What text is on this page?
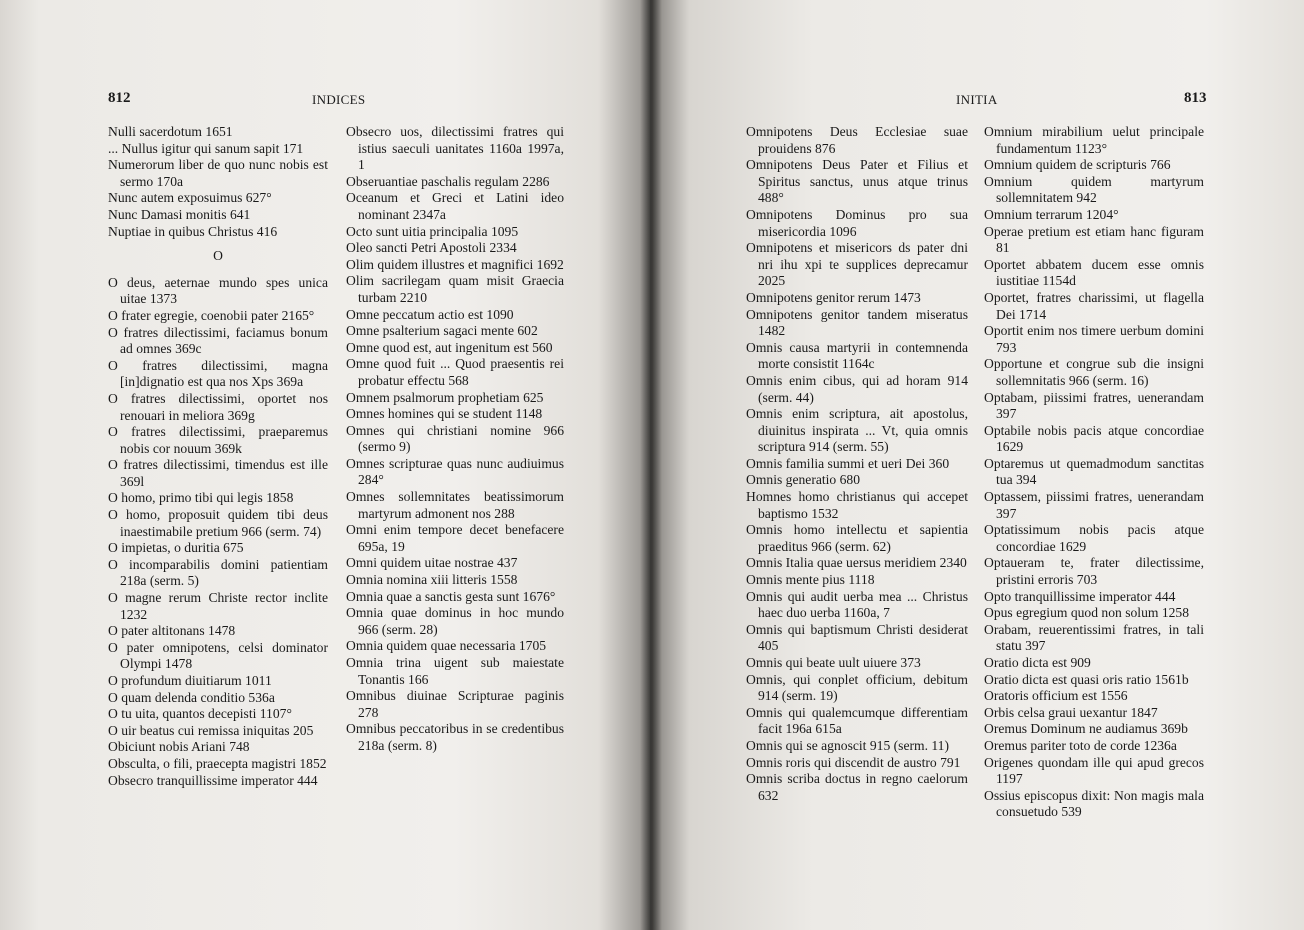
812	INDICES

Nulli sacerdotum 1651

... Nullus igitur qui sanum sapit 171

Numerorum liber de quo nunc nobis est sermo 170a

Nunc autem exposuimus 627°

Nunc Damasi monitis 641

Nuptiae in quibus Christus 416

O

O deus, aeternae mundo spes unica uitae 1373

O frater egregie, coenobii pater 2165°

O fratres dilectissimi, faciamus bonum ad omnes 369c

O fratres dilectissimi, magna [in]dignatio est qua nos Xps 369a

O fratres dilectissimi, oportet nos renouari in meliora 369g

O fratres dilectissimi, praeparemus nobis cor nouum 369k

O fratres dilectissimi, timendus est ille 369l

O homo, primo tibi qui legis 1858

O homo, proposuit quidem tibi deus inaestimabile pretium 966 (serm. 74)

O impietas, o duritia 675

O incomparabilis domini patientiam 218a (serm. 5)

O magne rerum Christe rector inclite 1232

O pater altitonans 1478

O pater omnipotens, celsi dominator Olympi 1478

O profundum diuitiarum 1011

O quam delenda conditio 536a

O tu uita, quantos decepisti 1107°

O uir beatus cui remissa iniquitas 205

Obiciunt nobis Ariani 748

Obsculta, o fili, praecepta magistri 1852

Obsecro tranquillissime imperator 444

Obsecro uos, dilectissimi fratres qui istius saeculi uanitates 1160a 1997a, 1

Obseruantiae paschalis regulam 2286

Oceanum et Greci et Latini ideo nominant 2347a

Octo sunt uitia principalia 1095

Oleo sancti Petri Apostoli 2334

Olim quidem illustres et magnifici 1692

Olim sacrilegam quam misit Graecia turbam 2210

Omne peccatum actio est 1090

Omne psalterium sagaci mente 602

Omne quod est, aut ingenitum est 560

Omne quod fuit ... Quod praesentis rei probatur effectu 568

Omnem psalmorum prophetiam 625

Omnes homines qui se student 1148

Omnes qui christiani nomine 966 (sermo 9)

Omnes scripturae quas nunc audiuimus 284°

Omnes sollemnitates beatissimorum martyrum admonent nos 288

Omni enim tempore decet benefacere 695a, 19

Omni quidem uitae nostrae 437

Omnia nomina xiii litteris 1558

Omnia quae a sanctis gesta sunt 1676°

Omnia quae dominus in hoc mundo 966 (serm. 28)

Omnia quidem quae necessaria 1705

Omnia trina uigent sub maiestate Tonantis 166

Omnibus diuinae Scripturae paginis 278

Omnibus peccatoribus in se credentibus 218a (serm. 8)

INITIA	813

Omnipotens Deus Ecclesiae suae prouidens 876

Omnipotens Deus Pater et Filius et Spiritus sanctus, unus atque trinus 488°

Omnipotens Dominus pro sua misericordia 1096

Omnipotens et misericors ds pater dni nri ihu xpi te supplices deprecamur 2025

Omnipotens genitor rerum 1473

Omnipotens genitor tandem miseratus 1482

Omnis causa martyrii in contemnenda morte consistit 1164c

Omnis enim cibus, qui ad horam 914 (serm. 44)

Omnis enim scriptura, ait apostolus, diuinitus inspirata ... Vt, quia omnis scriptura 914 (serm. 55)

Omnis familia summi et ueri Dei 360

Omnis generatio 680

Homnes homo christianus qui accepet baptismo 1532

Omnis homo intellectu et sapientia praeditus 966 (serm. 62)

Omnis Italia quae uersus meridiem 2340

Omnis mente pius 1118

Omnis qui audit uerba mea ... Christus haec duo uerba 1160a, 7

Omnis qui baptismum Christi desiderat 405

Omnis qui beate uult uiuere 373

Omnis, qui conplet officium, debitum 914 (serm. 19)

Omnis qui qualemcumque differentiam facit 196a 615a

Omnis qui se agnoscit 915 (serm. 11)

Omnis roris qui discendit de austro 791

Omnis scriba doctus in regno caelorum 632

Omnium mirabilium uelut principale fundamentum 1123°

Omnium quidem de scripturis 766

Omnium quidem martyrum sollemnitatem 942

Omnium terrarum 1204°

Operae pretium est etiam hanc figuram 81

Oportet abbatem ducem esse omnis iustitiae 1154d

Oportet, fratres charissimi, ut flagella Dei 1714

Oportit enim nos timere uerbum domini 793

Opportune et congrue sub die insigni sollemnitatis 966 (serm. 16)

Optabam, piissimi fratres, uenerandam 397

Optabile nobis pacis atque concordiae 1629

Optaremus ut quemadmodum sanctitas tua 394

Optassem, piissimi fratres, uenerandam 397

Optatissimum nobis pacis atque concordiae 1629

Optaueram te, frater dilectissime, pristini erroris 703

Opto tranquillissime imperator 444

Opus egregium quod non solum 1258

Orabam, reuerentissimi fratres, in tali statu 397

Oratio dicta est 909

Oratio dicta est quasi oris ratio 1561b

Oratoris officium est 1556

Orbis celsa graui uexantur 1847

Oremus Dominum ne audiamus 369b

Oremus pariter toto de corde 1236a

Origenes quondam ille qui apud grecos 1197

Ossius episcopus dixit: Non magis mala consuetudo 539
